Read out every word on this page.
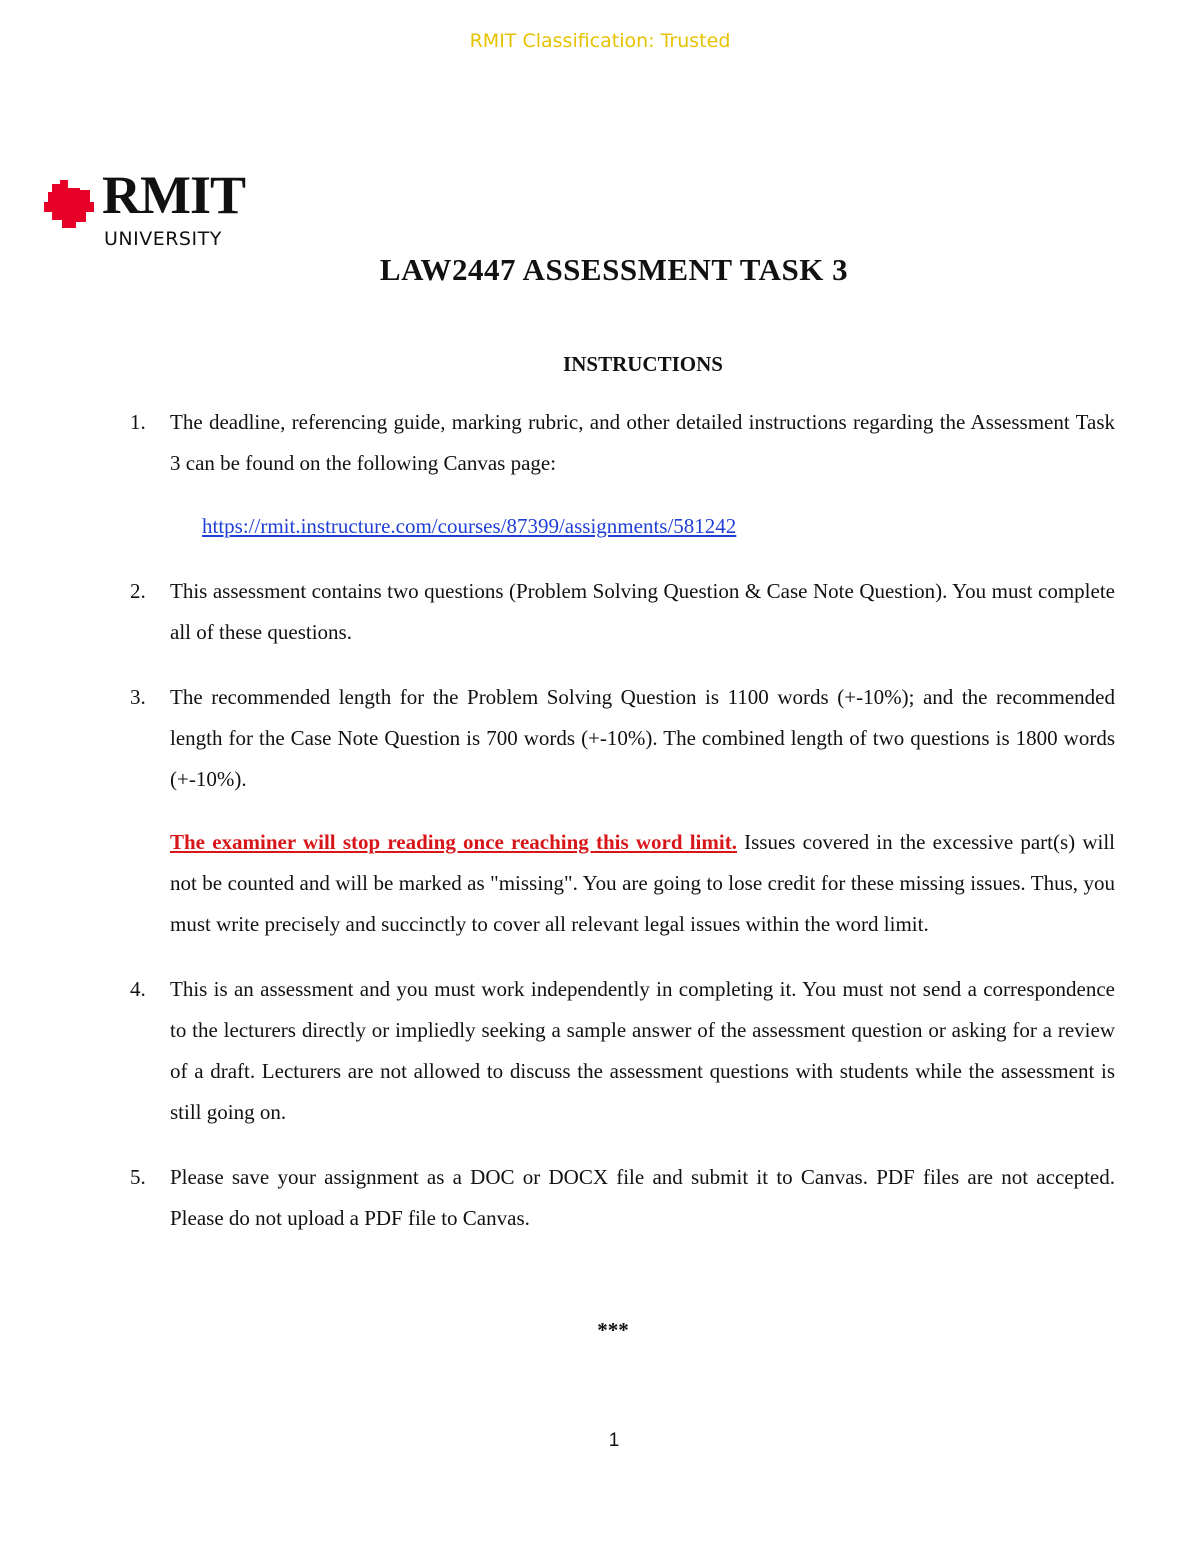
RMIT Classification: Trusted
RMIT
UNIVERSITY
LAW2447 ASSESSMENT TASK 3
INSTRUCTIONS
1. The deadline, referencing guide, marking rubric, and other detailed instructions regarding the Assessment Task 3 can be found on the following Canvas page:
https://rmit.instructure.com/courses/87399/assignments/581242
2. This assessment contains two questions (Problem Solving Question & Case Note Question). You must complete all of these questions.
3. The recommended length for the Problem Solving Question is 1100 words (+-10%); and the recommended length for the Case Note Question is 700 words (+-10%). The combined length of two questions is 1800 words (+-10%).
The examiner will stop reading once reaching this word limit. Issues covered in the excessive part(s) will not be counted and will be marked as "missing". You are going to lose credit for these missing issues. Thus, you must write precisely and succinctly to cover all relevant legal issues within the word limit.
4. This is an assessment and you must work independently in completing it. You must not send a correspondence to the lecturers directly or impliedly seeking a sample answer of the assessment question or asking for a review of a draft. Lecturers are not allowed to discuss the assessment questions with students while the assessment is still going on.
5. Please save your assignment as a DOC or DOCX file and submit it to Canvas. PDF files are not accepted. Please do not upload a PDF file to Canvas.
***
1
